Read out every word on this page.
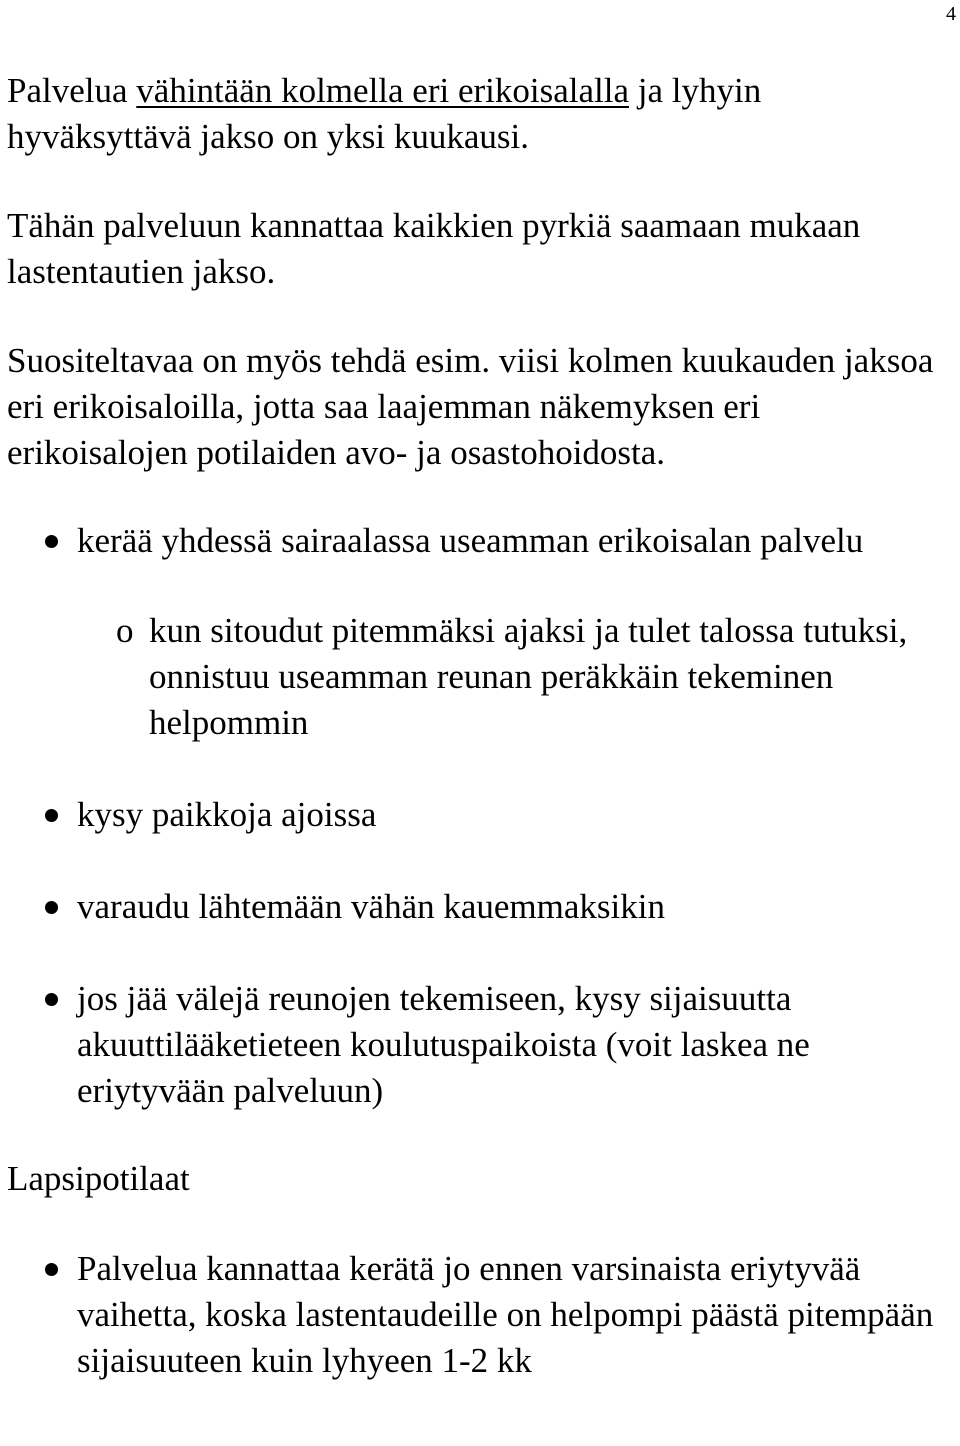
4

Palvelua vähintään kolmella eri erikoisalalla ja lyhyin hyväksyttävä jakso on yksi kuukausi.

Tähän palveluun kannattaa kaikkien pyrkiä saamaan mukaan lastentautien jakso.

Suositeltavaa on myös tehdä esim. viisi kolmen kuukauden jaksoa eri erikoisaloilla, jotta saa laajemman näkemyksen eri erikoisalojen potilaiden avo- ja osastohoidosta.

kerää yhdessä sairaalassa useamman erikoisalan palvelu
o kun sitoudut pitemmäksi ajaksi ja tulet talossa tutuksi, onnistuu useamman reunan peräkkäin tekeminen helpommin
kysy paikkoja ajoissa
varaudu lähtemään vähän kauemmaksikin
jos jää välejä reunojen tekemiseen, kysy sijaisuutta akuuttilääketieteen koulutuspaikoista (voit laskea ne eriytyvään palveluun)

Lapsipotilaat

Palvelua kannattaa kerätä jo ennen varsinaista eriytyvää vaihetta, koska lastentaudeille on helpompi päästä pitempään sijaisuuteen kuin lyhyeen 1-2 kk
